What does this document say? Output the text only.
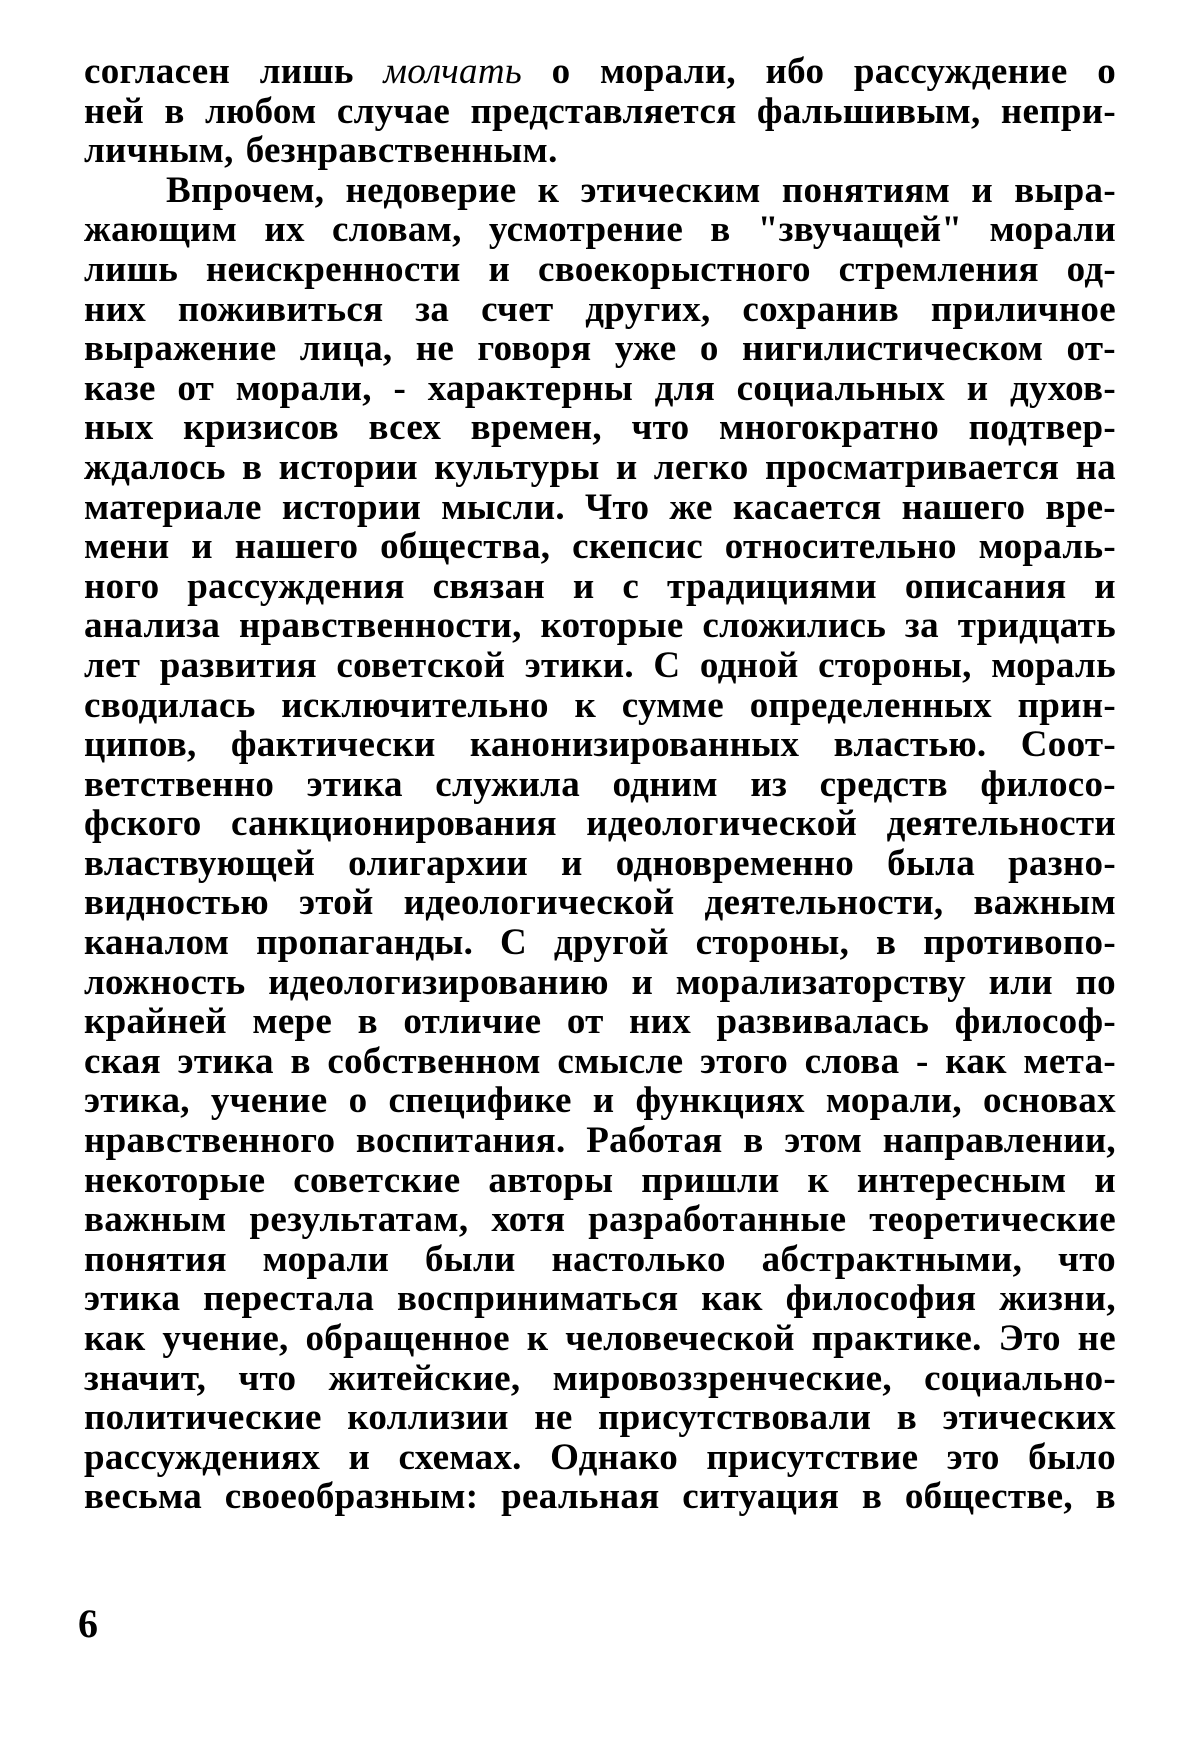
согласен лишь молчать о морали, ибо рассуждение о
ней в любом случае представляется фальшивым, непри-
личным, безнравственным.
Впрочем, недоверие к этическим понятиям и выра-
жающим их словам, усмотрение в "звучащей" морали
лишь неискренности и своекорыстного стремления од-
них поживиться за счет других, сохранив приличное
выражение лица, не говоря уже о нигилистическом от-
казе от морали, - характерны для социальных и духов-
ных кризисов всех времен, что многократно подтвер-
ждалось в истории культуры и легко просматривается на
материале истории мысли. Что же касается нашего вре-
мени и нашего общества, скепсис относительно мораль-
ного рассуждения связан и с традициями описания и
анализа нравственности, которые сложились за тридцать
лет развития советской этики. С одной стороны, мораль
сводилась исключительно к сумме определенных прин-
ципов, фактически канонизированных властью. Соот-
ветственно этика служила одним из средств филосо-
фского санкционирования идеологической деятельности
властвующей олигархии и одновременно была разно-
видностью этой идеологической деятельности, важным
каналом пропаганды. С другой стороны, в противопо-
ложность идеологизированию и морализаторству или по
крайней мере в отличие от них развивалась философ-
ская этика в собственном смысле этого слова - как мета-
этика, учение о специфике и функциях морали, основах
нравственного воспитания. Работая в этом направлении,
некоторые советские авторы пришли к интересным и
важным результатам, хотя разработанные теоретические
понятия морали были настолько абстрактными, что
этика перестала восприниматься как философия жизни,
как учение, обращенное к человеческой практике. Это не
значит, что житейские, мировоззренческие, социально-
политические коллизии не присутствовали в этических
рассуждениях и схемах. Однако присутствие это было
весьма своеобразным: реальная ситуация в обществе, в
6
